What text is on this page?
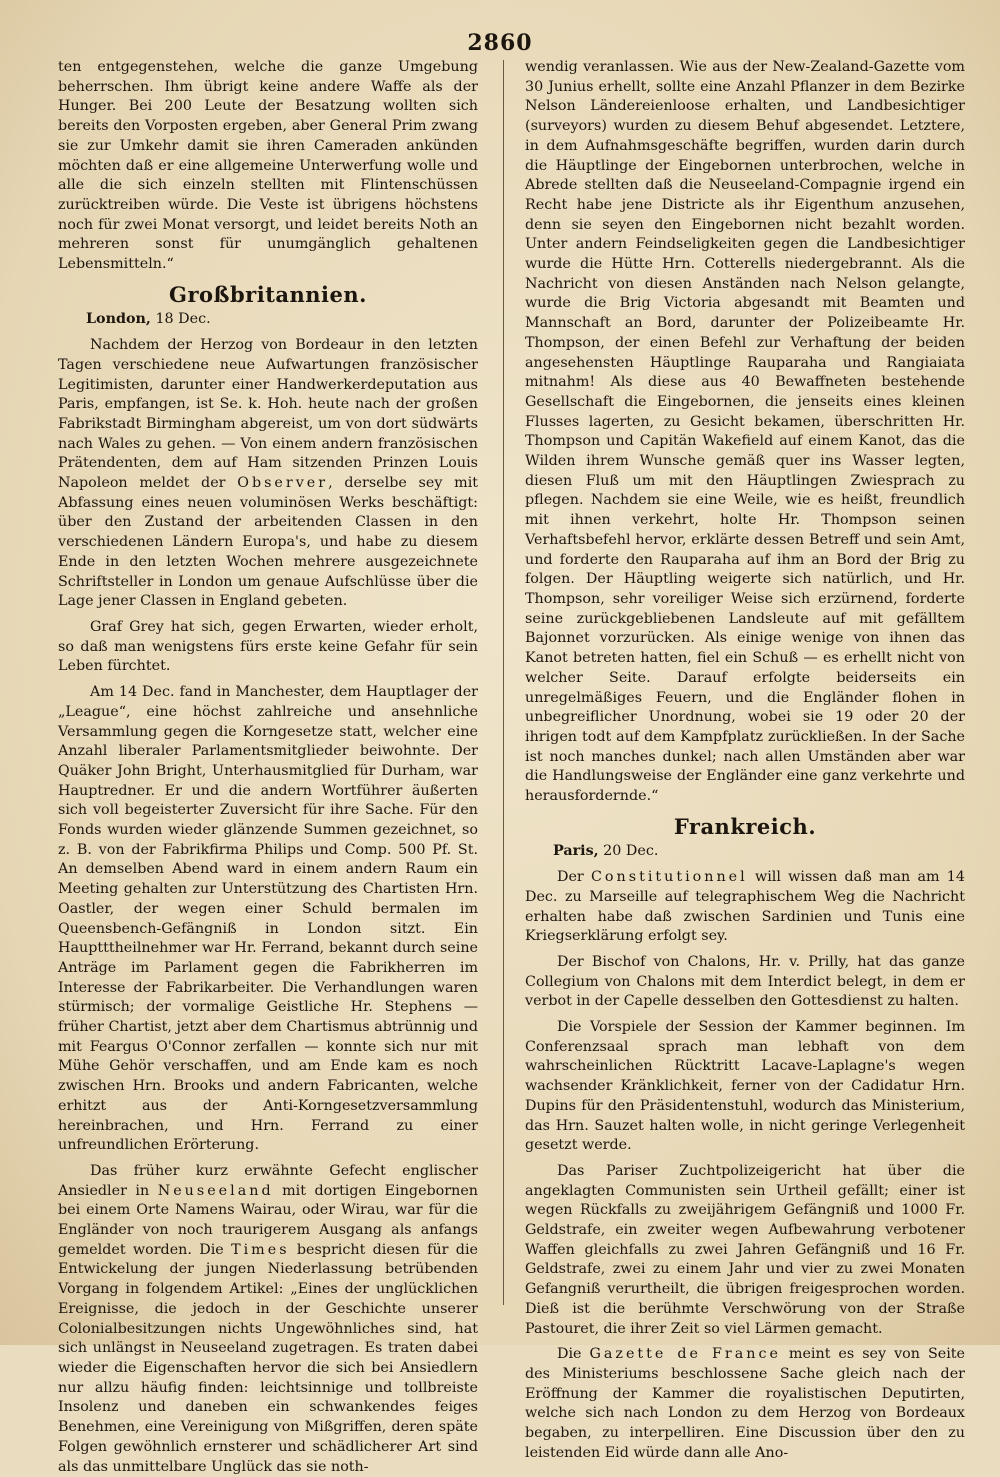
2860

ten entgegenstehen, welche die ganze Umgebung beherrschen. Ihm übrigt keine andere Waffe als der Hunger. Bei 200 Leute der Besatzung wollten sich bereits den Vorposten ergeben, aber General Prim zwang sie zur Umkehr damit sie ihren Cameraden ankünden möchten daß er eine allgemeine Unterwerfung wolle und alle die sich einzeln stellten mit Flintenschüssen zurücktreiben würde. Die Veste ist übrigens höchstens noch für zwei Monat versorgt, und leidet bereits Noth an mehreren sonst für unumgänglich gehaltenen Lebensmitteln.“

Großbritannien.

London, 18 Dec.

Nachdem der Herzog von Bordeaur in den letzten Tagen verschiedene neue Aufwartungen französischer Legitimisten, darunter einer Handwerkerdeputation aus Paris, empfangen, ist Se. k. Hoh. heute nach der großen Fabrikstadt Birmingham abgereist, um von dort südwärts nach Wales zu gehen. — Von einem andern französischen Prätendenten, dem auf Ham sitzenden Prinzen Louis Napoleon meldet der Observer, derselbe sey mit Abfassung eines neuen voluminösen Werks beschäftigt: über den Zustand der arbeitenden Classen in den verschiedenen Ländern Europa's, und habe zu diesem Ende in den letzten Wochen mehrere ausgezeichnete Schriftsteller in London um genaue Aufschlüsse über die Lage jener Classen in England gebeten.

Graf Grey hat sich, gegen Erwarten, wieder erholt, so daß man wenigstens fürs erste keine Gefahr für sein Leben fürchtet.

Am 14 Dec. fand in Manchester, dem Hauptlager der „League“, eine höchst zahlreiche und ansehnliche Versammlung gegen die Korngesetze statt, welcher eine Anzahl liberaler Parlamentsmitglieder beiwohnte. Der Quäker John Bright, Unterhausmitglied für Durham, war Hauptredner. Er und die andern Wortführer äußerten sich voll begeisterter Zuversicht für ihre Sache. Für den Fonds wurden wieder glänzende Summen gezeichnet, so z. B. von der Fabrikfirma Philips und Comp. 500 Pf. St. An demselben Abend ward in einem andern Raum ein Meeting gehalten zur Unterstützung des Chartisten Hrn. Oastler, der wegen einer Schuld bermalen im Queensbench-Gefängniß in London sitzt. Ein Hauptttheilnehmer war Hr. Ferrand, bekannt durch seine Anträge im Parlament gegen die Fabrikherren im Interesse der Fabrikarbeiter. Die Verhandlungen waren stürmisch; der vormalige Geistliche Hr. Stephens — früher Chartist, jetzt aber dem Chartismus abtrünnig und mit Feargus O'Connor zerfallen — konnte sich nur mit Mühe Gehör verschaffen, und am Ende kam es noch zwischen Hrn. Brooks und andern Fabricanten, welche erhitzt aus der Anti-Korngesetzversammlung hereinbrachen, und Hrn. Ferrand zu einer unfreundlichen Erörterung.

Das früher kurz erwähnte Gefecht englischer Ansiedler in Neuseeland mit dortigen Eingebornen bei einem Orte Namens Wairau, oder Wirau, war für die Engländer von noch traurigerem Ausgang als anfangs gemeldet worden. Die Times bespricht diesen für die Entwickelung der jungen Niederlassung betrübenden Vorgang in folgendem Artikel: „Eines der unglücklichen Ereignisse, die jedoch in der Geschichte unserer Colonialbesitzungen nichts Ungewöhnliches sind, hat sich unlängst in Neuseeland zugetragen. Es traten dabei wieder die Eigenschaften hervor die sich bei Ansiedlern nur allzu häufig finden: leichtsinnige und tollbreiste Insolenz und daneben ein schwankendes feiges Benehmen, eine Vereinigung von Mißgriffen, deren späte Folgen gewöhnlich ernsterer und schädlicherer Art sind als das unmittelbare Unglück das sie noth-

wendig veranlassen. Wie aus der New-Zealand-Gazette vom 30 Junius erhellt, sollte eine Anzahl Pflanzer in dem Bezirke Nelson Ländereienloose erhalten, und Landbesichtiger (surveyors) wurden zu diesem Behuf abgesendet. Letztere, in dem Aufnahmsgeschäfte begriffen, wurden darin durch die Häuptlinge der Eingebornen unterbrochen, welche in Abrede stellten daß die Neuseeland-Compagnie irgend ein Recht habe jene Districte als ihr Eigenthum anzusehen, denn sie seyen den Eingebornen nicht bezahlt worden. Unter andern Feindseligkeiten gegen die Landbesichtiger wurde die Hütte Hrn. Cotterells niedergebrannt. Als die Nachricht von diesen Anständen nach Nelson gelangte, wurde die Brig Victoria abgesandt mit Beamten und Mannschaft an Bord, darunter der Polizeibeamte Hr. Thompson, der einen Befehl zur Verhaftung der beiden angesehensten Häuptlinge Rauparaha und Rangiaiata mitnahm! Als diese aus 40 Bewaffneten bestehende Gesellschaft die Eingebornen, die jenseits eines kleinen Flusses lagerten, zu Gesicht bekamen, überschritten Hr. Thompson und Capitän Wakefield auf einem Kanot, das die Wilden ihrem Wunsche gemäß quer ins Wasser legten, diesen Fluß um mit den Häuptlingen Zwiesprach zu pflegen. Nachdem sie eine Weile, wie es heißt, freundlich mit ihnen verkehrt, holte Hr. Thompson seinen Verhaftsbefehl hervor, erklärte dessen Betreff und sein Amt, und forderte den Rauparaha auf ihm an Bord der Brig zu folgen. Der Häuptling weigerte sich natürlich, und Hr. Thompson, sehr voreiliger Weise sich erzürnend, forderte seine zurückgebliebenen Landsleute auf mit gefälltem Bajonnet vorzurücken. Als einige wenige von ihnen das Kanot betreten hatten, fiel ein Schuß — es erhellt nicht von welcher Seite. Darauf erfolgte beiderseits ein unregelmäßiges Feuern, und die Engländer flohen in unbegreiflicher Unordnung, wobei sie 19 oder 20 der ihrigen todt auf dem Kampfplatz zurückließen. In der Sache ist noch manches dunkel; nach allen Umständen aber war die Handlungsweise der Engländer eine ganz verkehrte und herausfordernde.“

Frankreich.

Paris, 20 Dec.

Der Constitutionnel will wissen daß man am 14 Dec. zu Marseille auf telegraphischem Weg die Nachricht erhalten habe daß zwischen Sardinien und Tunis eine Kriegserklärung erfolgt sey.

Der Bischof von Chalons, Hr. v. Prilly, hat das ganze Collegium von Chalons mit dem Interdict belegt, in dem er verbot in der Capelle desselben den Gottesdienst zu halten.

Die Vorspiele der Session der Kammer beginnen. Im Conferenzsaal sprach man lebhaft von dem wahrscheinlichen Rücktritt Lacave-Laplagne's wegen wachsender Kränklichkeit, ferner von der Cadidatur Hrn. Dupins für den Präsidentenstuhl, wodurch das Ministerium, das Hrn. Sauzet halten wolle, in nicht geringe Verlegenheit gesetzt werde.

Das Pariser Zuchtpolizeigericht hat über die angeklagten Communisten sein Urtheil gefällt; einer ist wegen Rückfalls zu zweijährigem Gefängniß und 1000 Fr. Geldstrafe, ein zweiter wegen Aufbewahrung verbotener Waffen gleichfalls zu zwei Jahren Gefängniß und 16 Fr. Geldstrafe, zwei zu einem Jahr und vier zu zwei Monaten Gefangniß verurtheilt, die übrigen freigesprochen worden. Dieß ist die berühmte Verschwörung von der Straße Pastouret, die ihrer Zeit so viel Lärmen gemacht.

Die Gazette de France meint es sey von Seite des Ministeriums beschlossene Sache gleich nach der Eröffnung der Kammer die royalistischen Deputirten, welche sich nach London zu dem Herzog von Bordeaux begaben, zu interpelliren. Eine Discussion über den zu leistenden Eid würde dann alle Ano-
